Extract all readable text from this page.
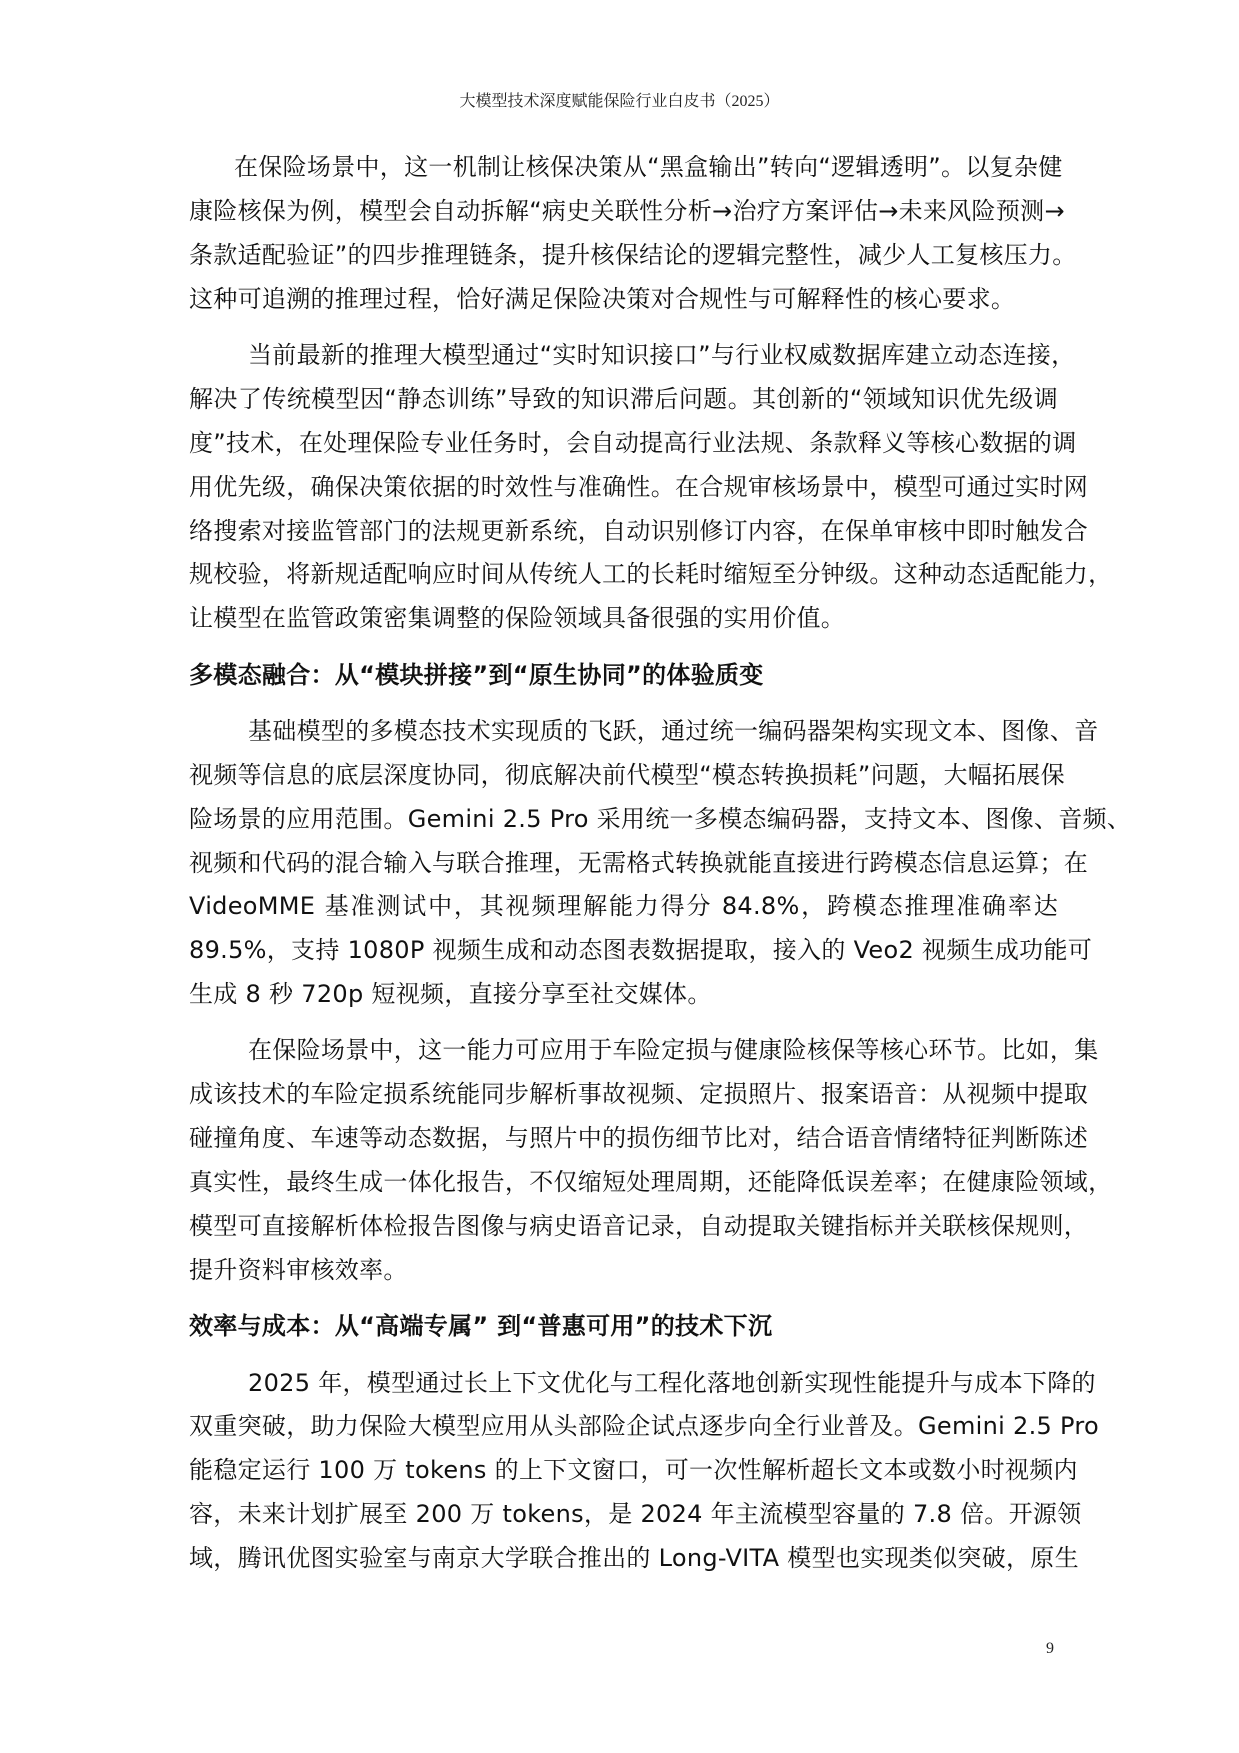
大模型技术深度赋能保险行业白皮书（2025）
在保险场景中，这一机制让核保决策从“黑盒输出”转向“逻辑透明”。以复杂健
康险核保为例，模型会自动拆解“病史关联性分析→治疗方案评估→未来风险预测→
条款适配验证”的四步推理链条，提升核保结论的逻辑完整性，减少人工复核压力。
这种可追溯的推理过程，恰好满足保险决策对合规性与可解释性的核心要求。
当前最新的推理大模型通过“实时知识接口”与行业权威数据库建立动态连接，
解决了传统模型因“静态训练”导致的知识滞后问题。其创新的“领域知识优先级调
度”技术，在处理保险专业任务时，会自动提高行业法规、条款释义等核心数据的调
用优先级，确保决策依据的时效性与准确性。在合规审核场景中，模型可通过实时网
络搜索对接监管部门的法规更新系统，自动识别修订内容，在保单审核中即时触发合
规校验，将新规适配响应时间从传统人工的长耗时缩短至分钟级。这种动态适配能力，
让模型在监管政策密集调整的保险领域具备很强的实用价值。
多模态融合：从“模块拼接”到“原生协同”的体验质变
基础模型的多模态技术实现质的飞跃，通过统一编码器架构实现文本、图像、音
视频等信息的底层深度协同，彻底解决前代模型“模态转换损耗”问题，大幅拓展保
险场景的应用范围。Gemini 2.5 Pro 采用统一多模态编码器，支持文本、图像、音频、
视频和代码的混合输入与联合推理，无需格式转换就能直接进行跨模态信息运算；在
VideoMME 基准测试中，其视频理解能力得分 84.8%，跨模态推理准确率达
89.5%，支持 1080P 视频生成和动态图表数据提取，接入的 Veo2 视频生成功能可
生成 8 秒 720p 短视频，直接分享至社交媒体。
在保险场景中，这一能力可应用于车险定损与健康险核保等核心环节。比如，集
成该技术的车险定损系统能同步解析事故视频、定损照片、报案语音：从视频中提取
碰撞角度、车速等动态数据，与照片中的损伤细节比对，结合语音情绪特征判断陈述
真实性，最终生成一体化报告，不仅缩短处理周期，还能降低误差率；在健康险领域，
模型可直接解析体检报告图像与病史语音记录，自动提取关键指标并关联核保规则，
提升资料审核效率。
效率与成本：从“高端专属” 到“普惠可用”的技术下沉
2025 年，模型通过长上下文优化与工程化落地创新实现性能提升与成本下降的
双重突破，助力保险大模型应用从头部险企试点逐步向全行业普及。Gemini 2.5 Pro
能稳定运行 100 万 tokens 的上下文窗口，可一次性解析超长文本或数小时视频内
容，未来计划扩展至 200 万 tokens，是 2024 年主流模型容量的 7.8 倍。开源领
域，腾讯优图实验室与南京大学联合推出的 Long-VITA 模型也实现类似突破，原生
9
